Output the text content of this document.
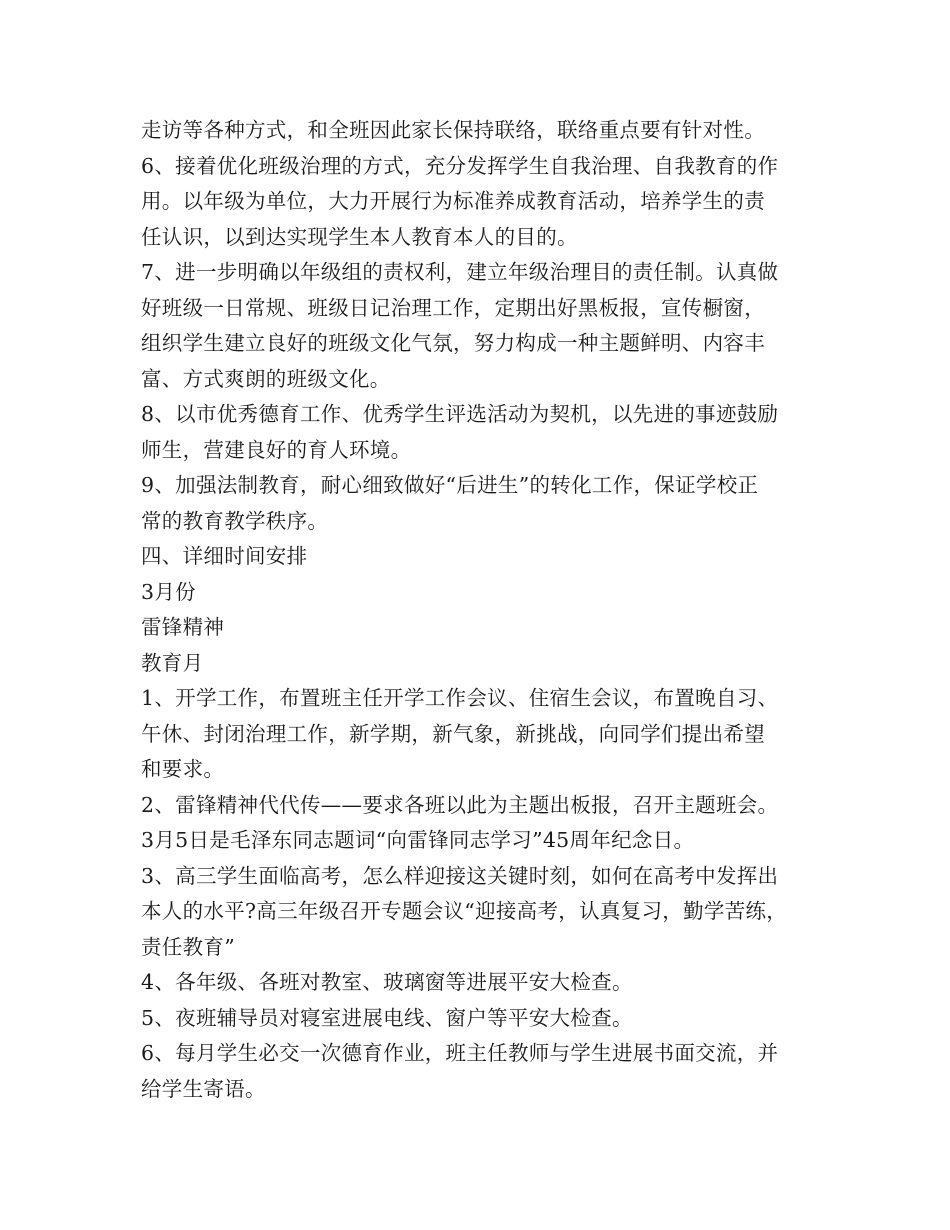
走访等各种方式，和全班因此家长保持联络，联络重点要有针对性。
6、接着优化班级治理的方式，充分发挥学生自我治理、自我教育的作
用。以年级为单位，大力开展行为标准养成教育活动，培养学生的责
任认识，以到达实现学生本人教育本人的目的。
7、进一步明确以年级组的责权利，建立年级治理目的责任制。认真做
好班级一日常规、班级日记治理工作，定期出好黑板报，宣传橱窗，
组织学生建立良好的班级文化气氛，努力构成一种主题鲜明、内容丰
富、方式爽朗的班级文化。
8、以市优秀德育工作、优秀学生评选活动为契机，以先进的事迹鼓励
师生，营建良好的育人环境。
9、加强法制教育，耐心细致做好“后进生”的转化工作，保证学校正
常的教育教学秩序。
四、详细时间安排
3月份
雷锋精神
教育月
1、开学工作，布置班主任开学工作会议、住宿生会议，布置晚自习、
午休、封闭治理工作，新学期，新气象，新挑战，向同学们提出希望
和要求。
2、雷锋精神代代传——要求各班以此为主题出板报，召开主题班会。
3月5日是毛泽东同志题词“向雷锋同志学习”45周年纪念日。
3、高三学生面临高考，怎么样迎接这关键时刻，如何在高考中发挥出
本人的水平?高三年级召开专题会议“迎接高考，认真复习，勤学苦练，
责任教育”
4、各年级、各班对教室、玻璃窗等进展平安大检查。
5、夜班辅导员对寝室进展电线、窗户等平安大检查。
6、每月学生必交一次德育作业，班主任教师与学生进展书面交流，并
给学生寄语。
